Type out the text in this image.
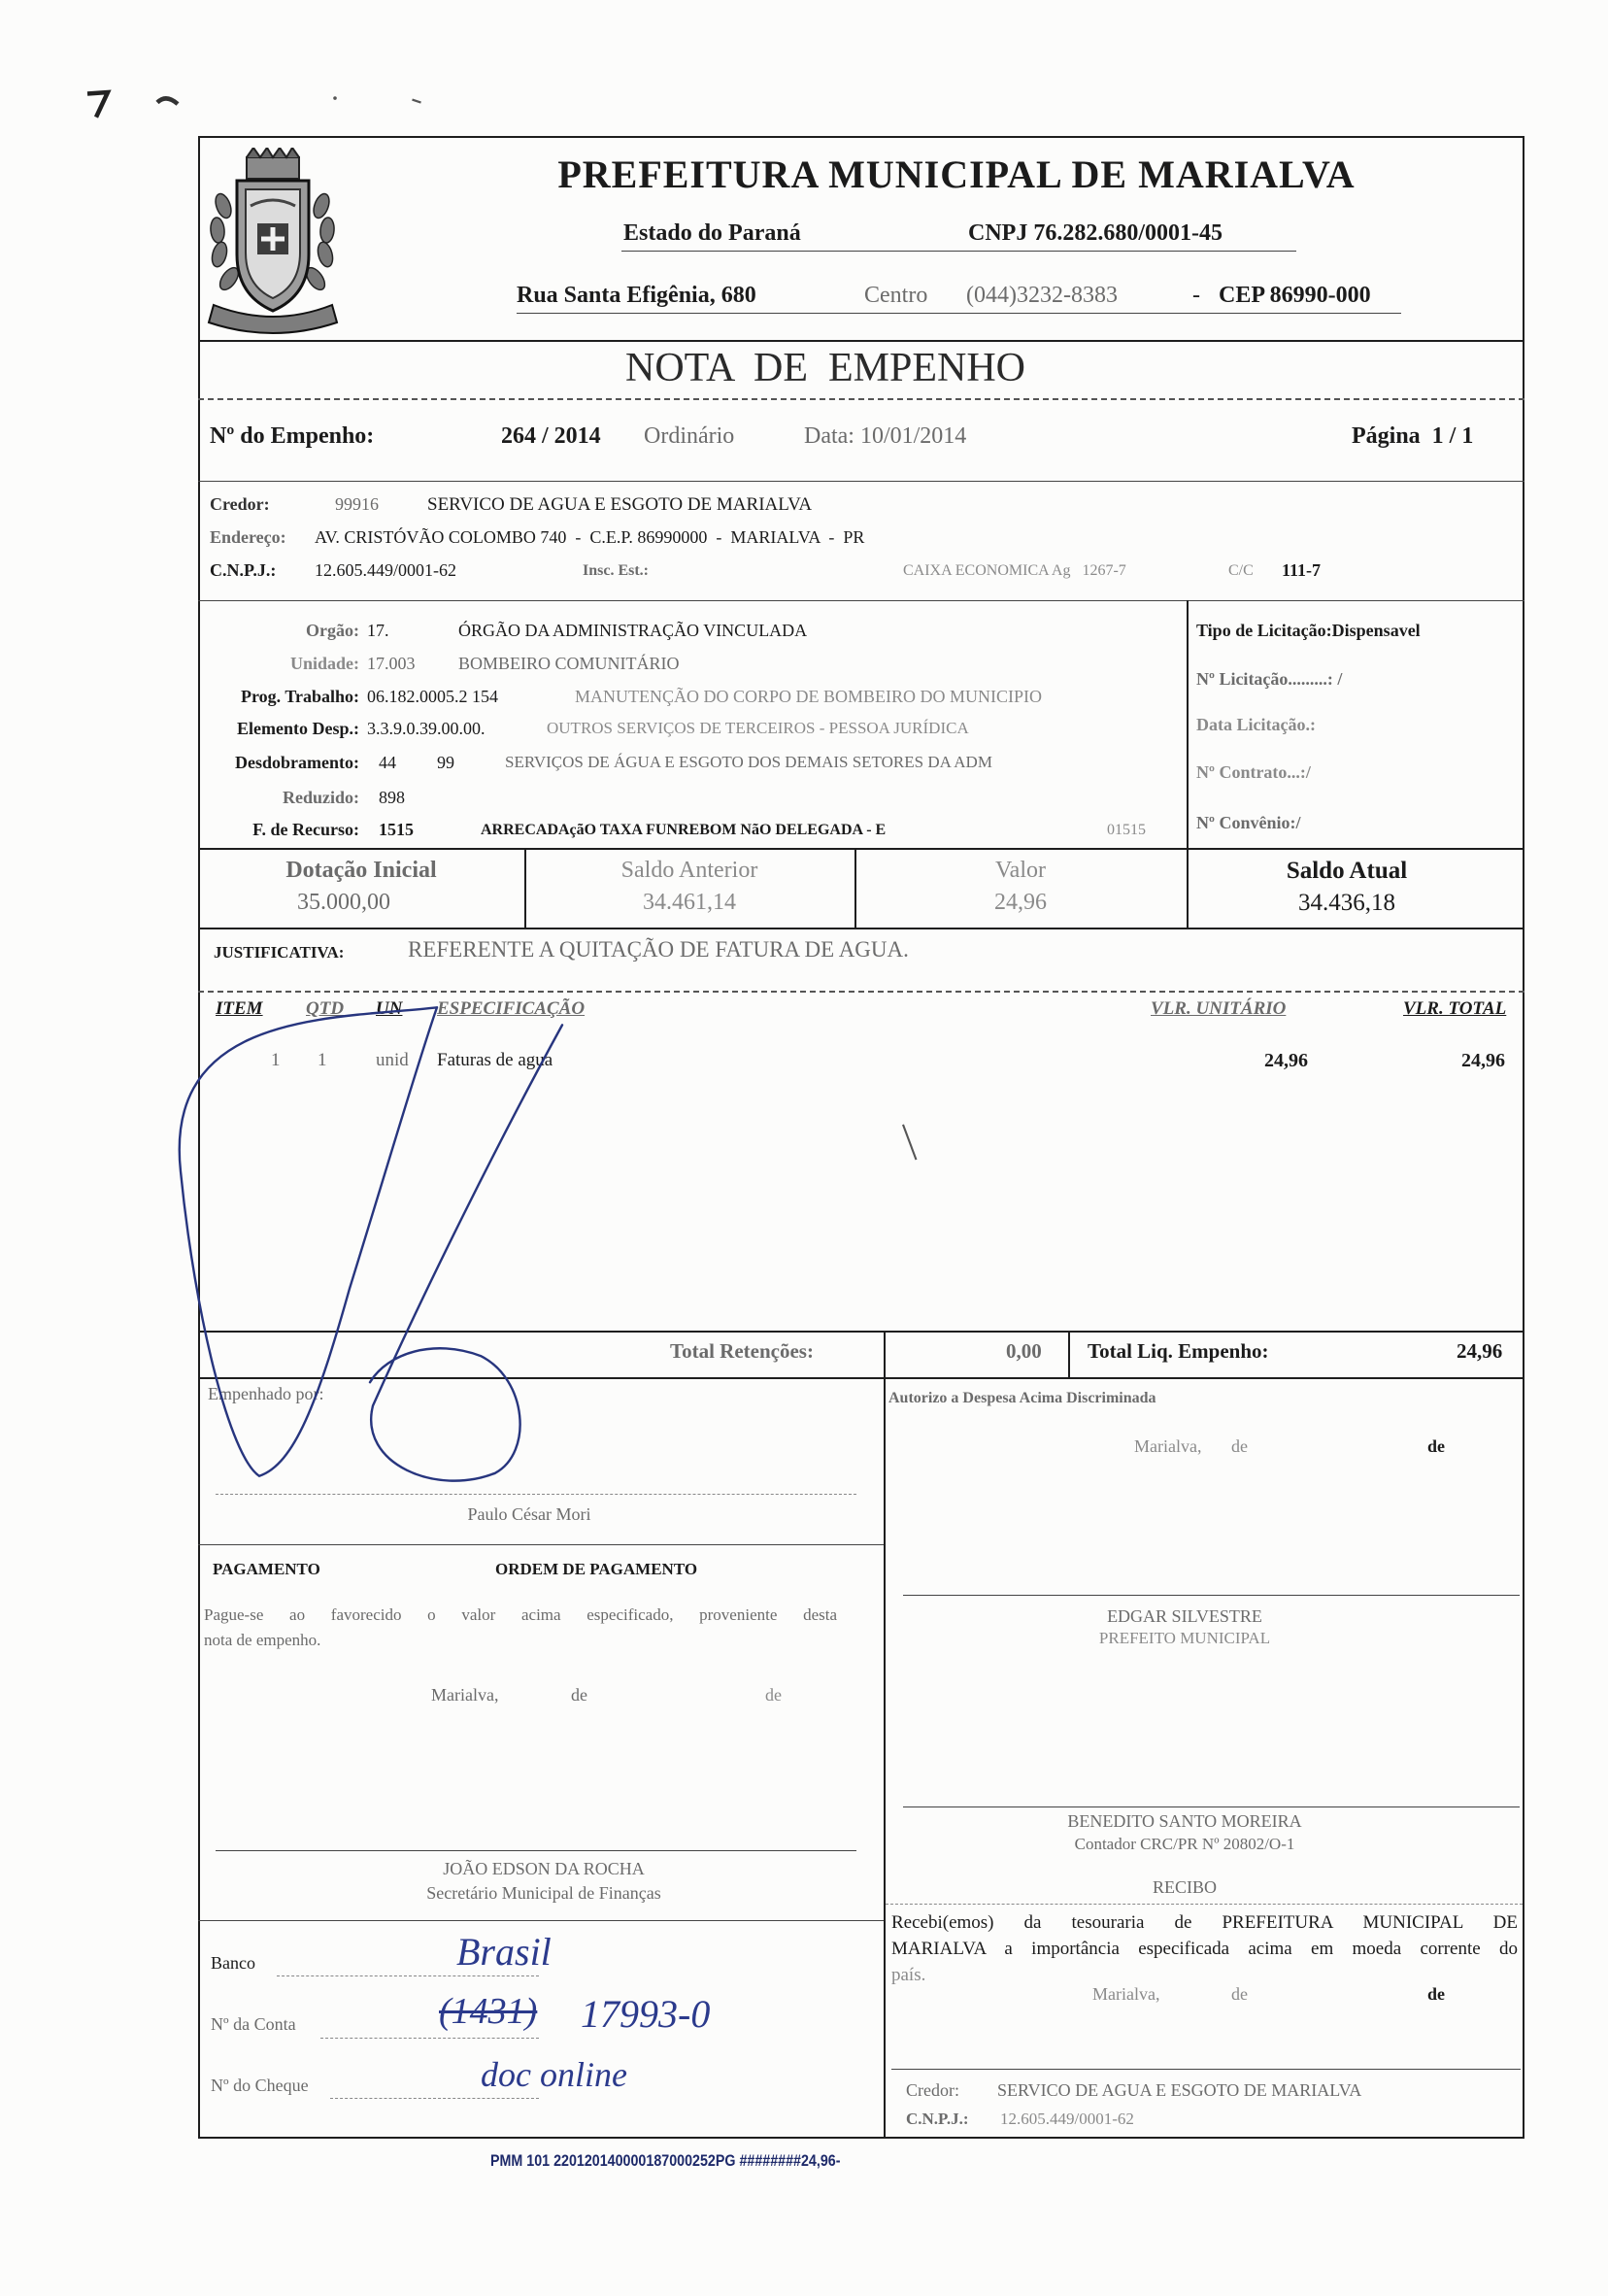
PREFEITURA MUNICIPAL DE MARIALVA
Estado do Paraná	CNPJ 76.282.680/0001-45
Rua Santa Efigênia, 680	Centro (044)3232-8383	- CEP 86990-000
NOTA  DE  EMPENHO
Nº do Empenho:	264 / 2014 Ordinário	Data: 10/01/2014	Página  1 / 1
Credor:	99916	SERVICO DE AGUA E ESGOTO DE MARIALVA
Endereço: AV. CRISTÓVÃO COLOMBO 740  -  C.E.P. 86990000  -  MARIALVA  -  PR
C.N.P.J.: 12.605.449/0001-62	Insc. Est.:	CAIXA ECONOMICA Ag   1267-7	C/C 111-7
Orgão: 17.	ÓRGÃO DA ADMINISTRAÇÃO VINCULADA
Unidade: 17.003 BOMBEIRO COMUNITÁRIO
Prog. Trabalho: 06.182.0005.2 154	MANUTENÇÃO DO CORPO DE BOMBEIRO DO MUNICIPIO
Elemento Desp.: 3.3.9.0.39.00.00.	OUTROS SERVIÇOS DE TERCEIROS - PESSOA JURÍDICA
Desdobramento: 44 99	SERVIÇOS DE ÁGUA E ESGOTO DOS DEMAIS SETORES DA ADM
Reduzido: 898
F. de Recurso: 1515	ARRECADAçãO TAXA FUNREBOM NãO DELEGADA - E	01515
Tipo de Licitação:Dispensavel
Nº Licitação.........: /
Data Licitação.:
Nº Contrato...:/
Nº Convênio:/
Dotação Inicial
35.000,00
Saldo Anterior
34.461,14
Valor
24,96
Saldo Atual
34.436,18
JUSTIFICATIVA:	REFERENTE A QUITAÇÃO DE FATURA DE AGUA.
ITEM QTD UN ESPECIFICAÇÃO	VLR. UNITÁRIO	VLR. TOTAL
1 1	unid Faturas de agua	24,96	24,96
Total Retenções:	0,00 Total Liq. Empenho:	24,96
Empenhado por:
Paulo César Mori
PAGAMENTO	ORDEM DE PAGAMENTO
Pague-se ao favorecido o valor acima especificado, proveniente desta
nota de empenho.
Marialva,	de	de
JOÃO EDSON DA ROCHA
Secretário Municipal de Finanças
Banco	Brasil
Nº da Conta	(1431) 17993-0
Nº do Cheque	doc online
Autorizo a Despesa Acima Discriminada
Marialva, de	de
EDGAR SILVESTRE
PREFEITO MUNICIPAL
BENEDITO SANTO MOREIRA
Contador CRC/PR Nº 20802/O-1
RECIBO
Recebi(emos) da tesouraria de PREFEITURA MUNICIPAL DE
MARIALVA a importância especificada acima em moeda corrente do
país.
Marialva,	de	de
Credor: SERVICO DE AGUA E ESGOTO DE MARIALVA
C.N.P.J.: 12.605.449/0001-62
PMM 101 220120140000187000252PG ########24,96-
